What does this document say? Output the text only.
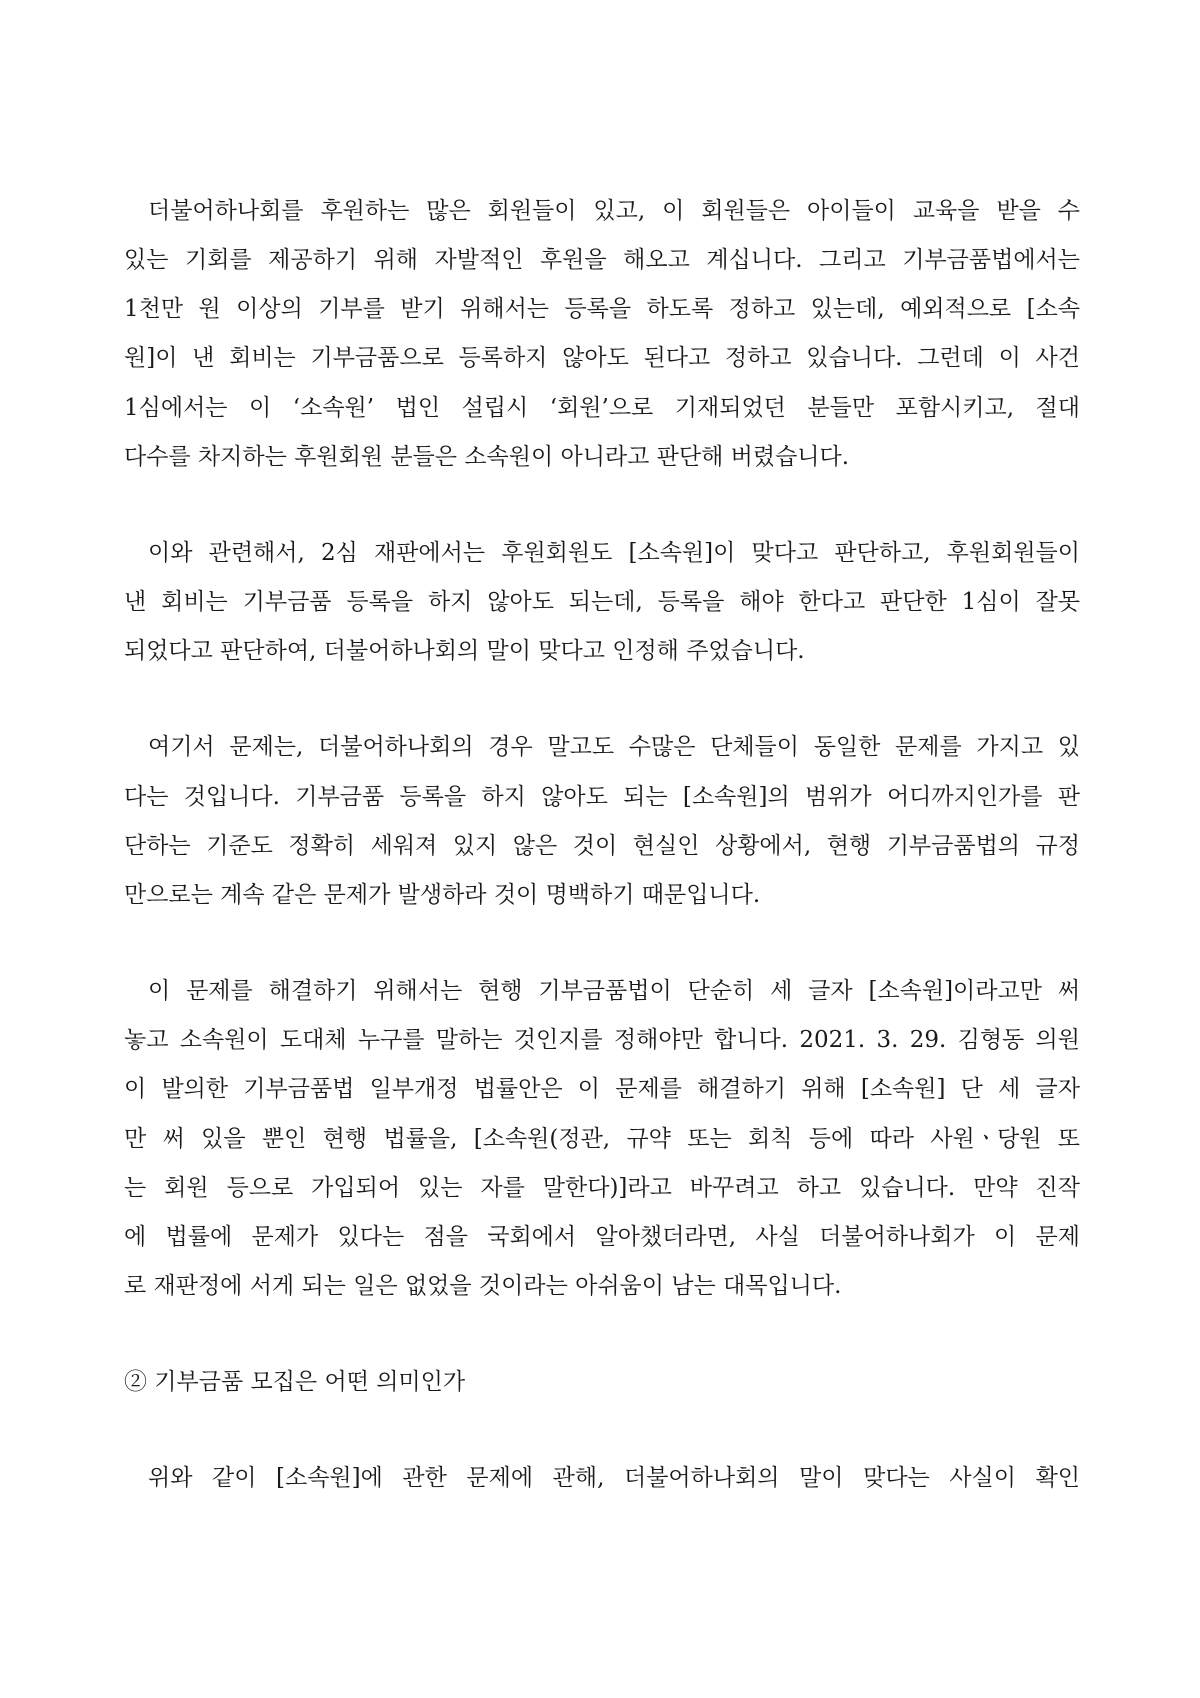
더불어하나회를 후원하는 많은 회원들이 있고, 이 회원들은 아이들이 교육을 받을 수
있는 기회를 제공하기 위해 자발적인 후원을 해오고 계십니다. 그리고 기부금품법에서는
1천만 원 이상의 기부를 받기 위해서는 등록을 하도록 정하고 있는데, 예외적으로 [소속
원]이 낸 회비는 기부금품으로 등록하지 않아도 된다고 정하고 있습니다. 그런데 이 사건
1심에서는 이 ‘소속원’ 법인 설립시 ‘회원’으로 기재되었던 분들만 포함시키고, 절대
다수를 차지하는 후원회원 분들은 소속원이 아니라고 판단해 버렸습니다.
이와 관련해서, 2심 재판에서는 후원회원도 [소속원]이 맞다고 판단하고, 후원회원들이
낸 회비는 기부금품 등록을 하지 않아도 되는데, 등록을 해야 한다고 판단한 1심이 잘못
되었다고 판단하여, 더불어하나회의 말이 맞다고 인정해 주었습니다.
여기서 문제는, 더불어하나회의 경우 말고도 수많은 단체들이 동일한 문제를 가지고 있
다는 것입니다. 기부금품 등록을 하지 않아도 되는 [소속원]의 범위가 어디까지인가를 판
단하는 기준도 정확히 세워져 있지 않은 것이 현실인 상황에서, 현행 기부금품법의 규정
만으로는 계속 같은 문제가 발생하라 것이 명백하기 때문입니다.
이 문제를 해결하기 위해서는 현행 기부금품법이 단순히 세 글자 [소속원]이라고만 써
놓고 소속원이 도대체 누구를 말하는 것인지를 정해야만 합니다. 2021. 3. 29. 김형동 의원
이 발의한 기부금품법 일부개정 법률안은 이 문제를 해결하기 위해 [소속원] 단 세 글자
만 써 있을 뿐인 현행 법률을, [소속원(정관, 규약 또는 회칙 등에 따라 사원ㆍ당원 또
는 회원 등으로 가입되어 있는 자를 말한다)]라고 바꾸려고 하고 있습니다. 만약 진작
에 법률에 문제가 있다는 점을 국회에서 알아챘더라면, 사실 더불어하나회가 이 문제
로 재판정에 서게 되는 일은 없었을 것이라는 아쉬움이 남는 대목입니다.
② 기부금품 모집은 어떤 의미인가
위와 같이 [소속원]에 관한 문제에 관해, 더불어하나회의 말이 맞다는 사실이 확인
